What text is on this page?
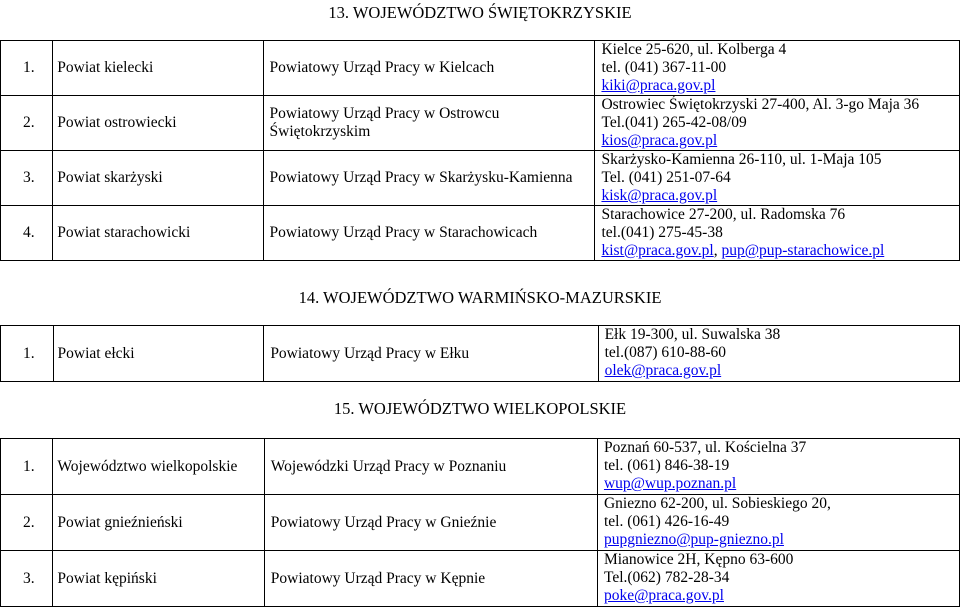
13. WOJEWÓDZTWO ŚWIĘTOKRZYSKIE
1.	Powiat kielecki	Powiatowy Urząd Pracy w Kielcach	Kielce 25-620, ul. Kolberga 4
tel. (041) 367-11-00
kiki@praca.gov.pl

2.	Powiat ostrowiecki	Powiatowy Urząd Pracy w Ostrowcu Świętokrzyskim	Ostrowiec Świętokrzyski 27-400, Al. 3-go Maja 36
Tel.(041) 265-42-08/09
kios@praca.gov.pl

3.	Powiat skarżyski	Powiatowy Urząd Pracy w Skarżysku-Kamienna	Skarżysko-Kamienna 26-110, ul. 1-Maja 105
Tel. (041) 251-07-64
kisk@praca.gov.pl

4.	Powiat starachowicki	Powiatowy Urząd Pracy w Starachowicach	Starachowice 27-200, ul. Radomska 76
tel.(041) 275-45-38
kist@praca.gov.pl, pup@pup-starachowice.pl
14. WOJEWÓDZTWO WARMIŃSKO-MAZURSKIE
1.	Powiat ełcki	Powiatowy Urząd Pracy w Ełku	
Ełk 19-300, ul. Suwalska 38
tel.(087) 610-88-60
olek@praca.gov.pl
15. WOJEWÓDZTWO WIELKOPOLSKIE
1.	Województwo wielkopolskie	Wojewódzki Urząd Pracy w Poznaniu	Poznań 60-537, ul. Kościelna 37
tel. (061) 846-38-19
wup@wup.poznan.pl

2.	Powiat gnieźnieński	Powiatowy Urząd Pracy w Gnieźnie	Gniezno 62-200, ul. Sobieskiego 20,
tel. (061) 426-16-49
pupgniezno@pup-gniezno.pl

3.	Powiat kępiński	Powiatowy Urząd Pracy w Kępnie	Mianowice 2H, Kępno 63-600
Tel.(062) 782-28-34
poke@praca.gov.pl
